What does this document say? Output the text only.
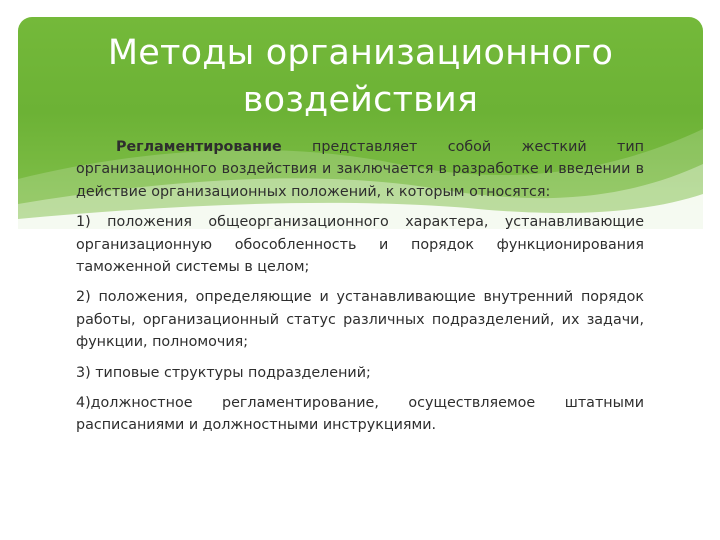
Методы организационного
воздействия

Регламентирование представляет собой жесткий тип организационного воздействия и заключается в разработке и введении в действие организационных положений, к которым относятся:

1) положения общеорганизационного характера, устанавливающие организационную обособленность и порядок функционирования таможенной системы в целом;

2) положения, определяющие и устанавливающие внутренний порядок работы, организационный статус различных подразделений, их задачи, функции, полномочия;

3) типовые структуры подразделений;

4)должностное регламентирование, осуществляемое штатными расписаниями и должностными инструкциями.
